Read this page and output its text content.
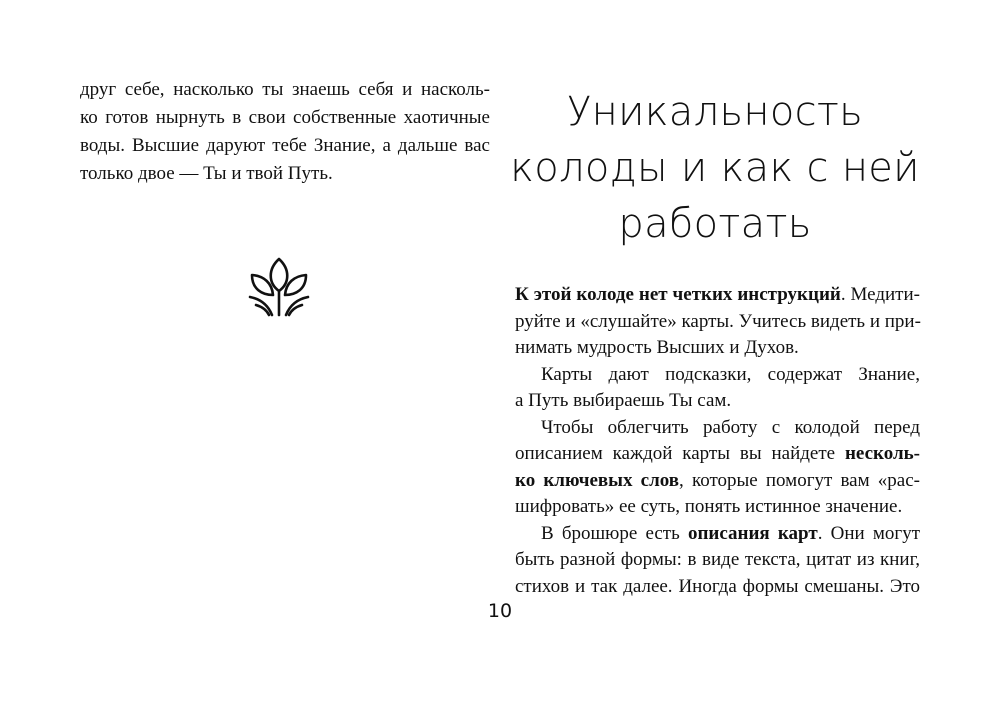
друг себе, насколько ты знаешь себя и насколь-
ко готов нырнуть в свои собственные хаотичные
воды. Высшие даруют тебе Знание, а дальше вас
только двое — Ты и твой Путь.
Уникальность
колоды и как с ней
работать
К этой колоде нет четких инструкций. Медити-
руйте и «слушайте» карты. Учитесь видеть и при-
нимать мудрость Высших и Духов.
Карты дают подсказки, содержат Знание,
а Путь выбираешь Ты сам.
Чтобы облегчить работу с колодой перед
описанием каждой карты вы найдете несколь-
ко ключевых слов, которые помогут вам «рас-
шифровать» ее суть, понять истинное значение.
В брошюре есть описания карт. Они могут
быть разной формы: в виде текста, цитат из книг,
стихов и так далее. Иногда формы смешаны. Это
10
